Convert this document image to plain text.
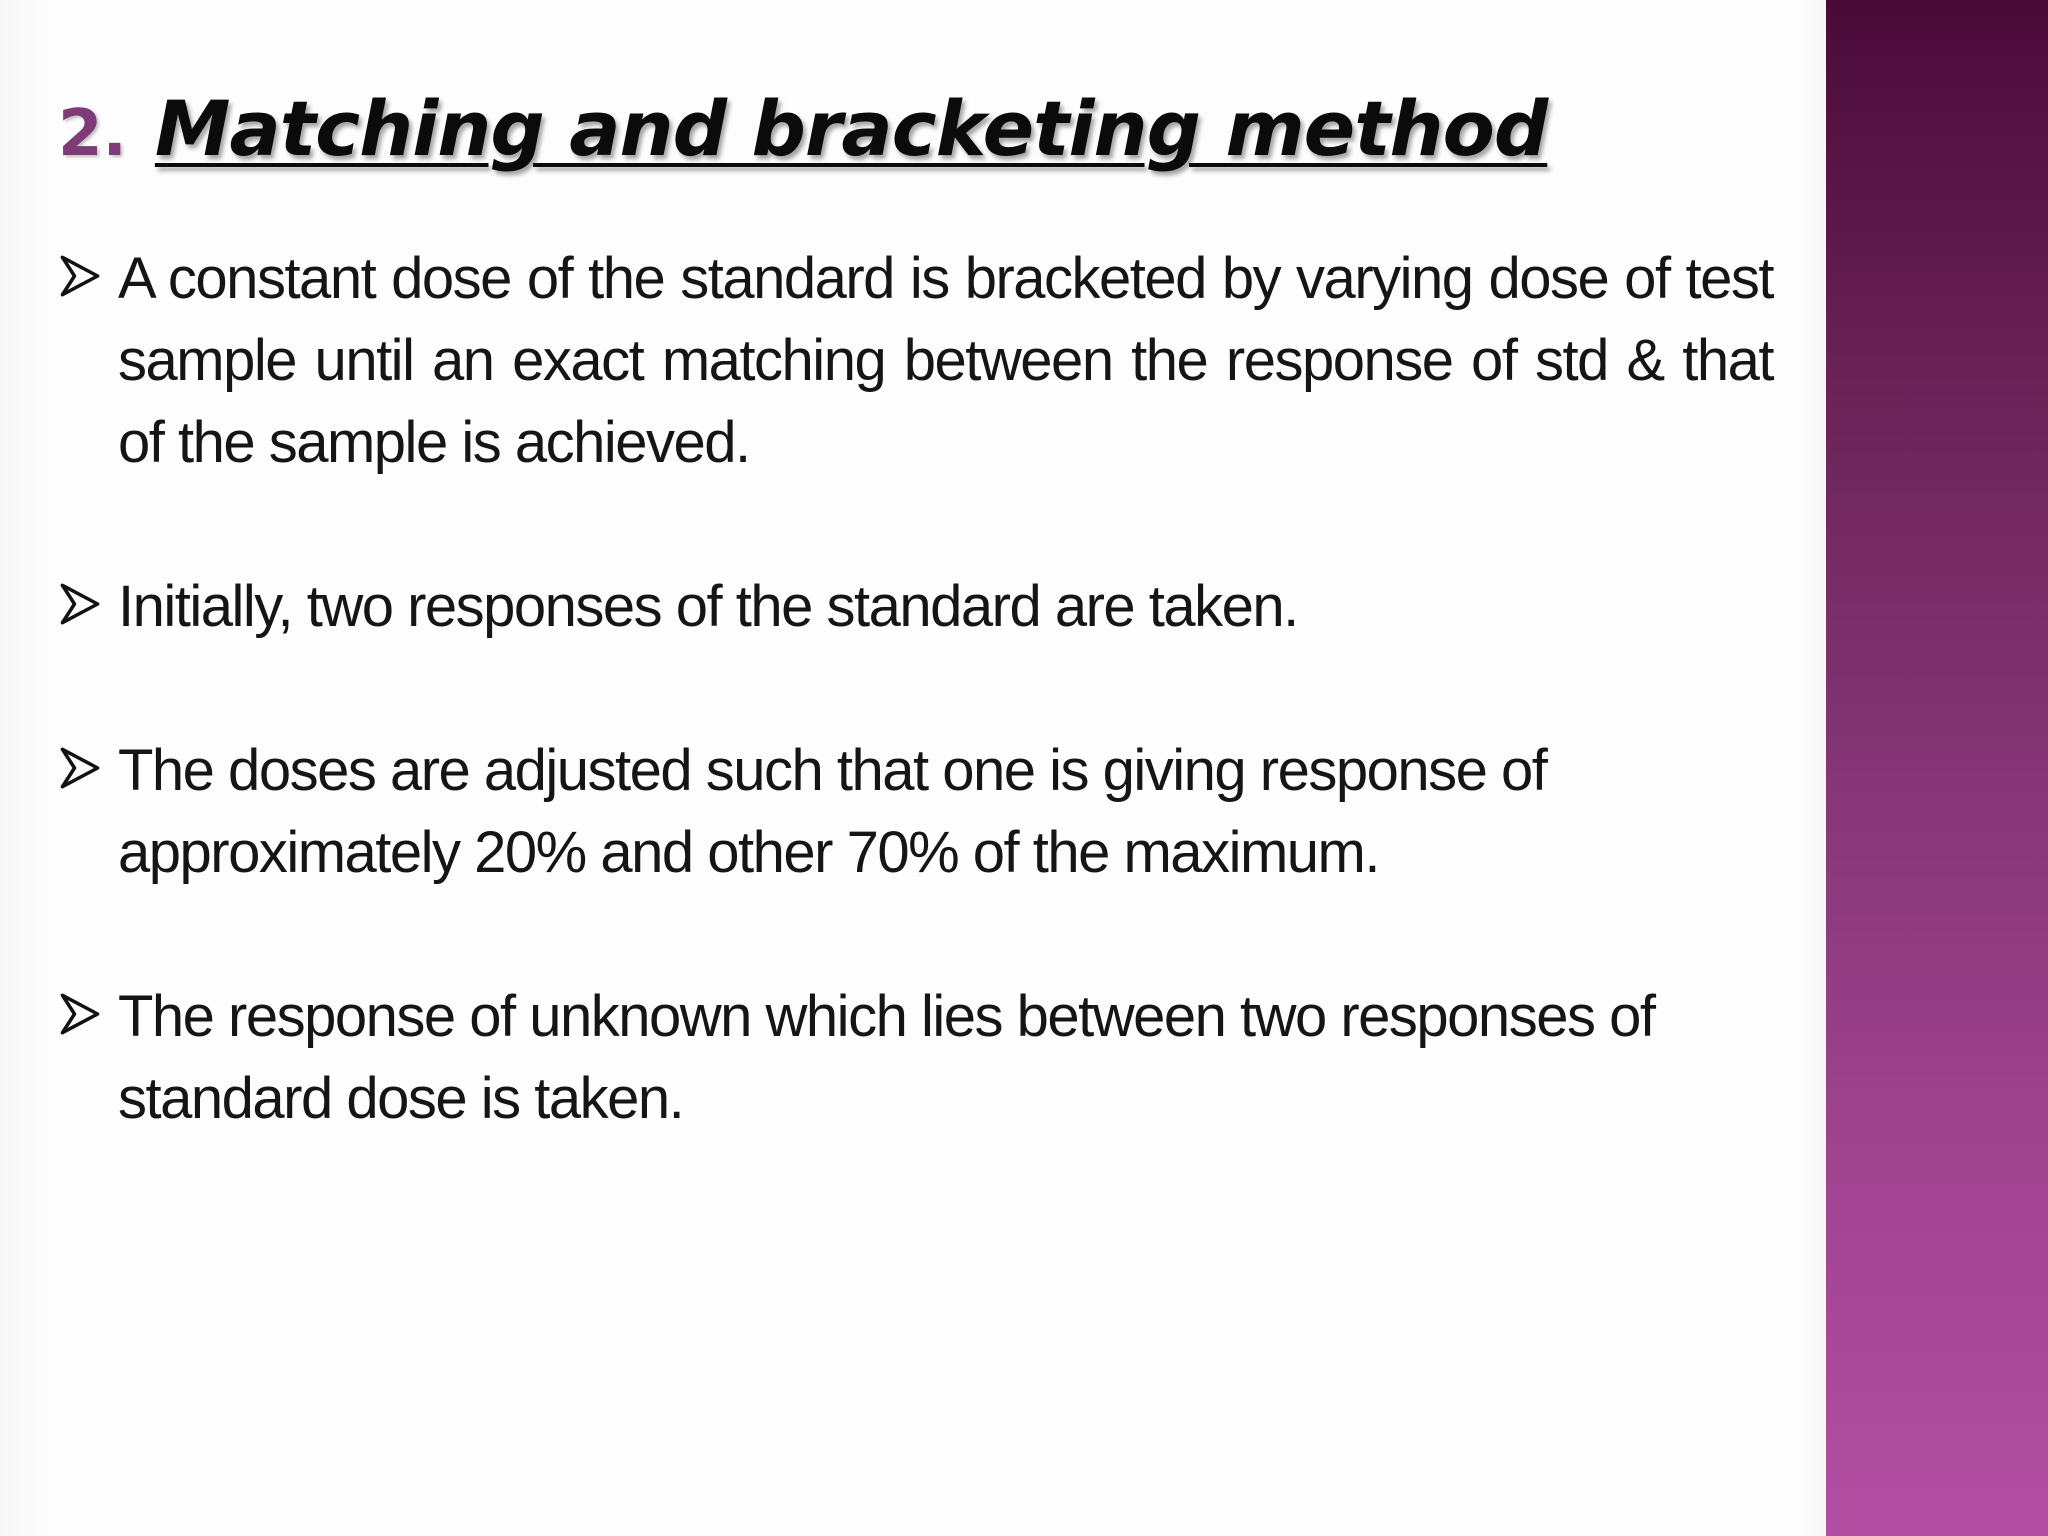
2. Matching and bracketing method
A constant dose of the standard is bracketed by varying dose of test sample until an exact matching between the response of std & that of the sample is achieved.
Initially, two responses of the standard are taken.
The doses are adjusted such that one is giving response of approximately 20% and other 70% of the maximum.
The response of unknown which lies between two responses of standard dose is taken.
